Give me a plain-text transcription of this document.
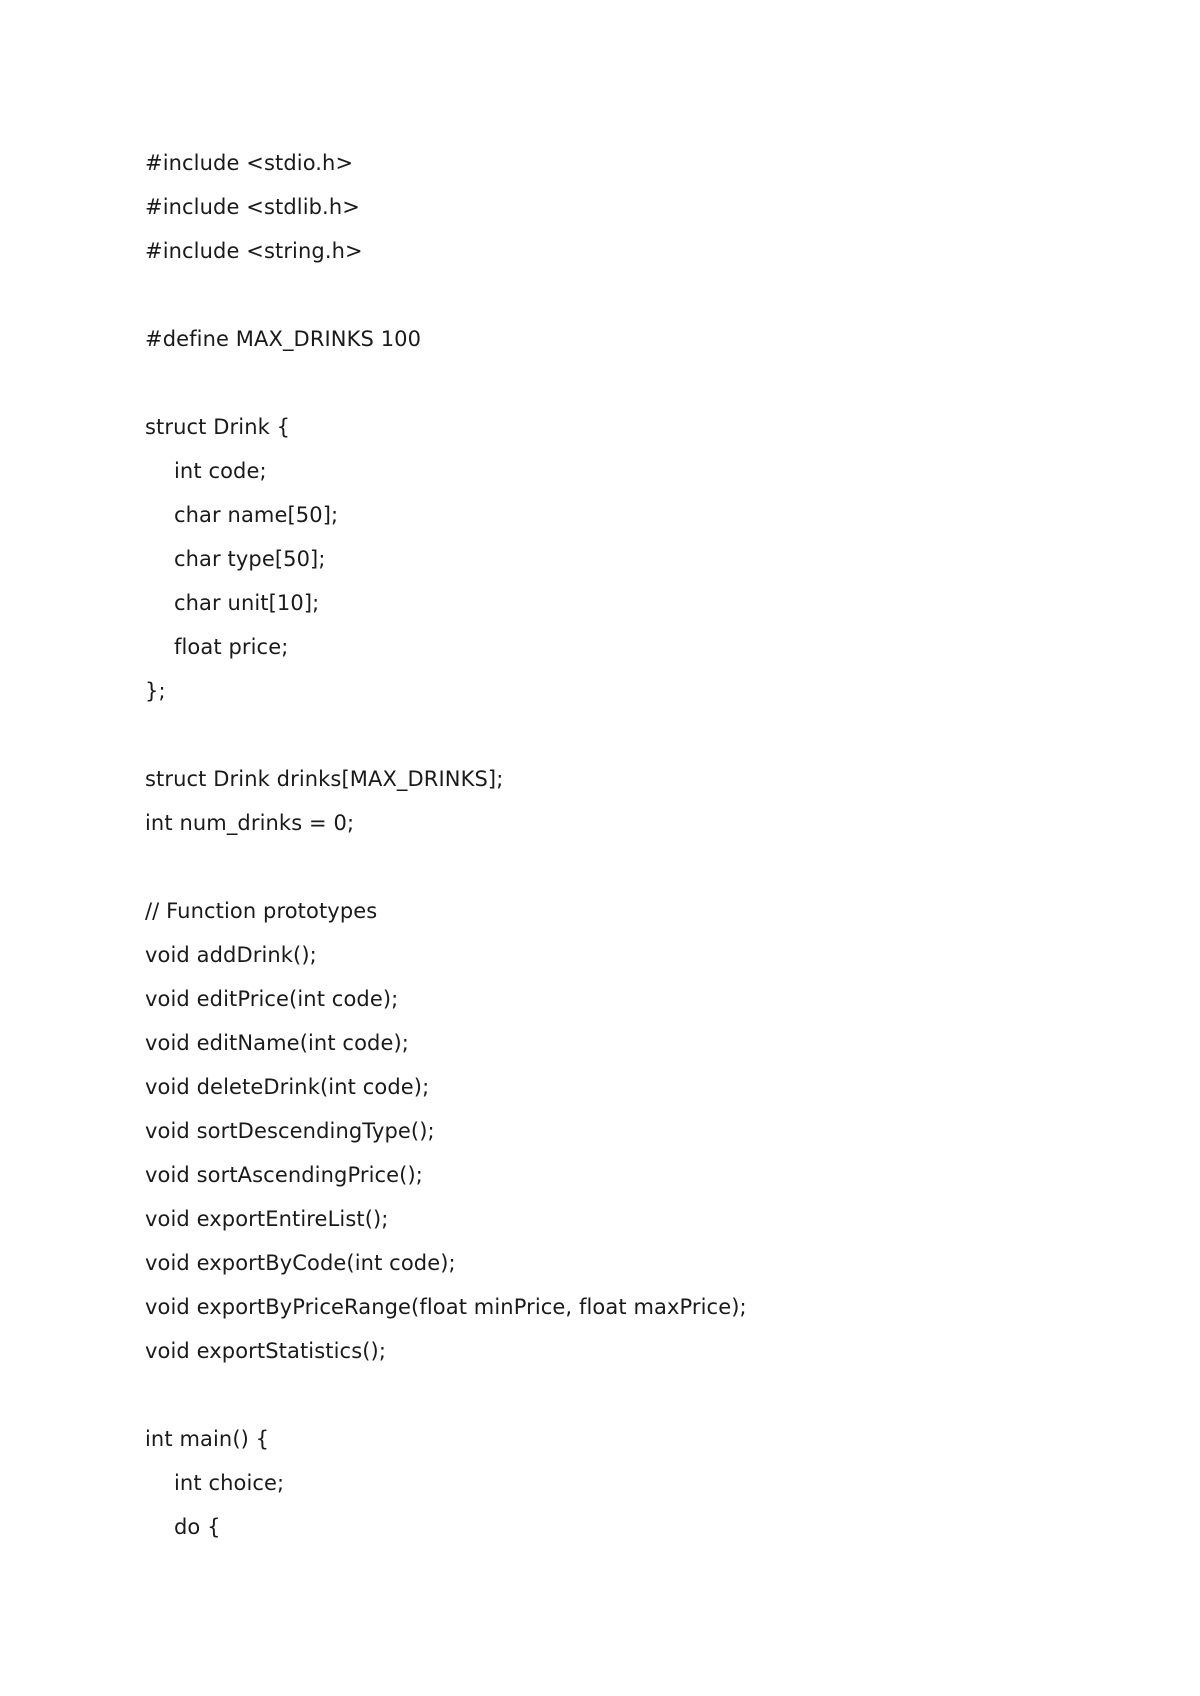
#include <stdio.h>
#include <stdlib.h>
#include <string.h>
#define MAX_DRINKS 100
struct Drink {
int code;
char name[50];
char type[50];
char unit[10];
float price;
};
struct Drink drinks[MAX_DRINKS];
int num_drinks = 0;
// Function prototypes
void addDrink();
void editPrice(int code);
void editName(int code);
void deleteDrink(int code);
void sortDescendingType();
void sortAscendingPrice();
void exportEntireList();
void exportByCode(int code);
void exportByPriceRange(float minPrice, float maxPrice);
void exportStatistics();
int main() {
int choice;
do {
